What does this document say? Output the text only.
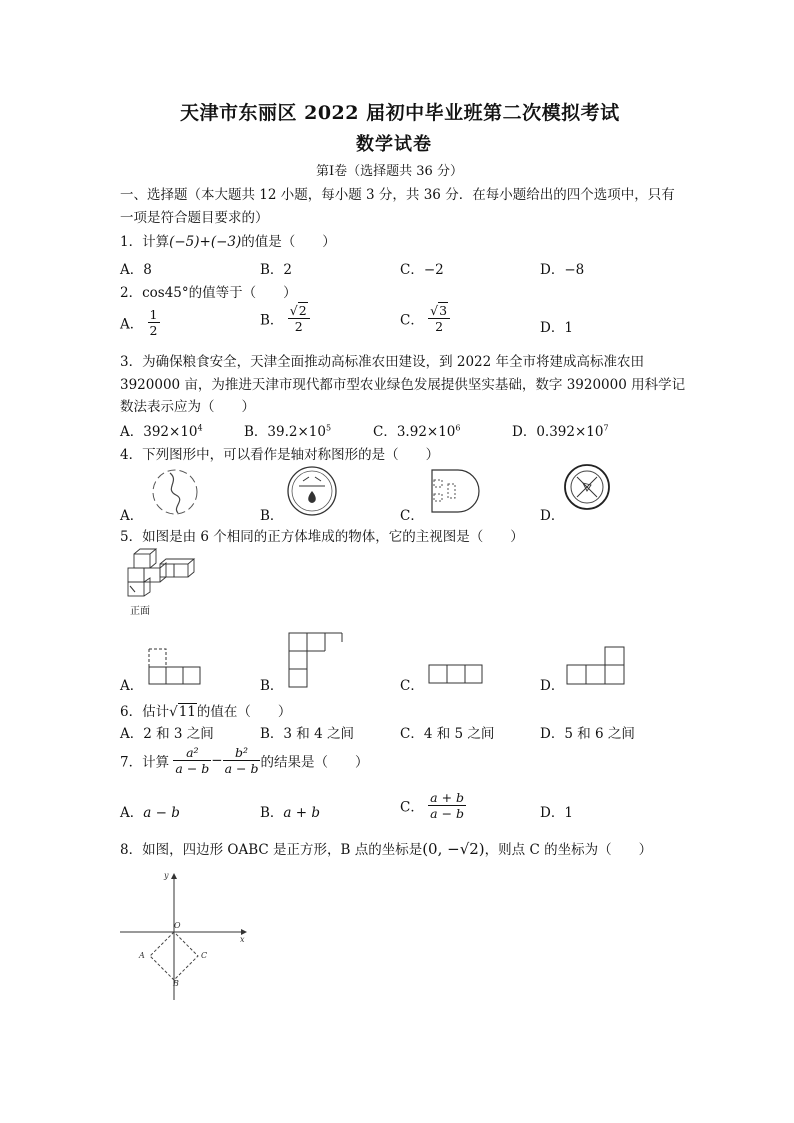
天津市东丽区 2022 届初中毕业班第二次模拟考试
数学试卷
第Ⅰ卷（选择题共 36 分）
一、选择题（本大题共 12 小题，每小题 3 分，共 36 分．在每小题给出的四个选项中，只有
一项是符合题目要求的）
1．计算(−5)+(−3)的值是（　　）
A．8	B．2	C．−2	D．−8
2．cos45°的值等于（　　）
A． $\frac{1}{2}$	B． $\frac{√2}{2}$	C． $\frac{√3}{2}$	D．1
3．为确保粮食安全，天津全面推动高标准农田建设，到 2022 年全市将建成高标准农田
3920000 亩，为推进天津市现代都市型农业绿色发展提供坚实基础，数字 3920000 用科学记
数法表示应为（　　）
A．$392\times 10^4$	B．$39.2\times 10^5$	C．$3.92\times 10^6$	D．$0.392\times 10^7$
4．下列图形中，可以看作是轴对称图形的是（　　）
A．	B．	C．	D．
5．如图是由 6 个相同的正方体堆成的物体，它的主视图是（　　）
正面
A．	B．	C．	D．
6．估计√11的值在（　　）
A．2 和 3 之间	B．3 和 4 之间	C．4 和 5 之间	D．5 和 6 之间
7．计算 $\frac{\text{a²}}{a - b} - \frac{\text{b²}}{a - b}$ 的结果是（　　）
A．a − b	B．a + b	C． $\frac{a + b}{a - b}$	D．1
8．如图，四边形 OABC 是正方形，B 点的坐标是(0, −√2)，则点 C 的坐标为（　　）
y
x
O
A
B
C
